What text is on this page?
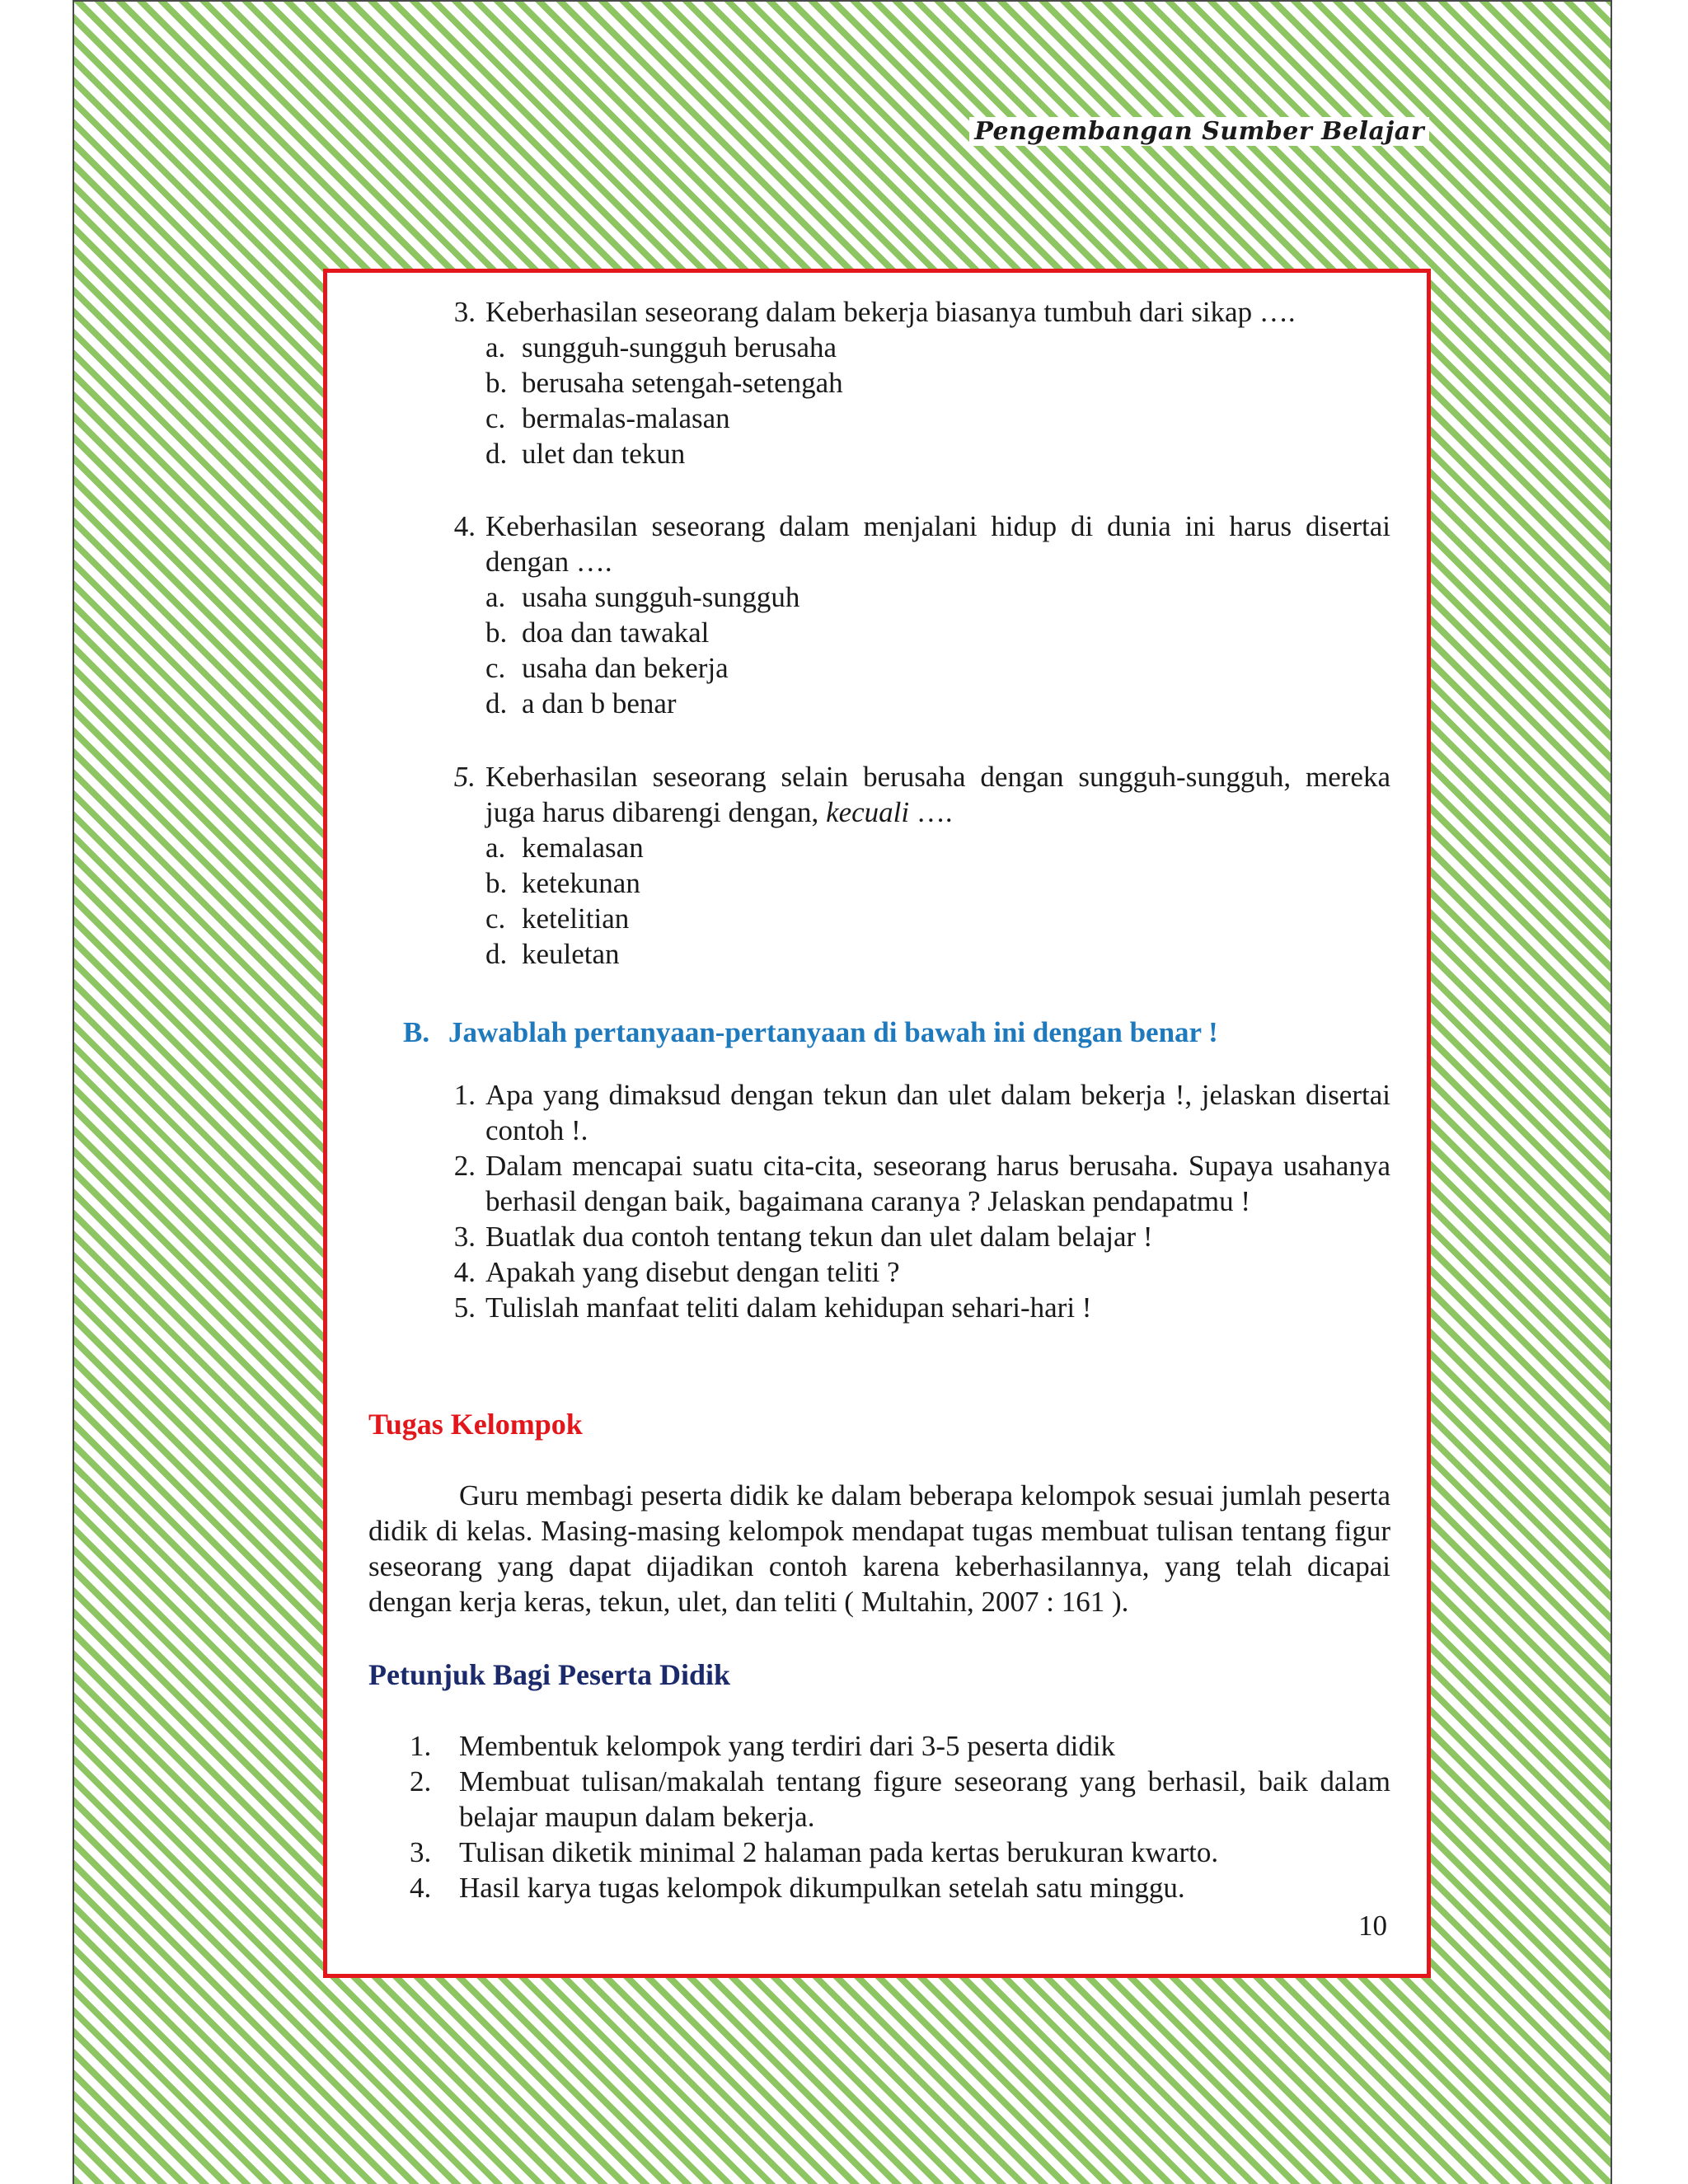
Pengembangan Sumber Belajar
3. Keberhasilan seseorang dalam bekerja biasanya tumbuh dari sikap ….
a. sungguh-sungguh berusaha
b. berusaha setengah-setengah
c. bermalas-malasan
d. ulet dan tekun
4. Keberhasilan seseorang dalam menjalani hidup di dunia ini harus disertai dengan ….
a. usaha sungguh-sungguh
b. doa dan tawakal
c. usaha dan bekerja
d. a dan b benar
5. Keberhasilan seseorang selain berusaha dengan sungguh-sungguh, mereka juga harus dibarengi dengan, kecuali ….
a. kemalasan
b. ketekunan
c. ketelitian
d. keuletan
B. Jawablah pertanyaan-pertanyaan di bawah ini dengan benar !
1. Apa yang dimaksud dengan tekun dan ulet dalam bekerja !, jelaskan disertai contoh !.
2. Dalam mencapai suatu cita-cita, seseorang harus berusaha. Supaya usahanya berhasil dengan baik, bagaimana caranya ? Jelaskan pendapatmu !
3. Buatlak dua contoh tentang tekun dan ulet dalam belajar !
4. Apakah yang disebut dengan teliti ?
5. Tulislah manfaat teliti dalam kehidupan sehari-hari !
Tugas Kelompok
Guru membagi peserta didik ke dalam beberapa kelompok sesuai jumlah peserta didik di kelas. Masing-masing kelompok mendapat tugas membuat tulisan tentang figur seseorang yang dapat dijadikan contoh karena keberhasilannya, yang telah dicapai dengan kerja keras, tekun, ulet, dan teliti ( Multahin, 2007 : 161 ).
Petunjuk Bagi Peserta Didik
1. Membentuk kelompok yang terdiri dari 3-5 peserta didik
2. Membuat tulisan/makalah tentang figure seseorang yang berhasil, baik dalam belajar maupun dalam bekerja.
3. Tulisan diketik minimal 2 halaman pada kertas berukuran kwarto.
4. Hasil karya tugas kelompok dikumpulkan setelah satu minggu.
10
